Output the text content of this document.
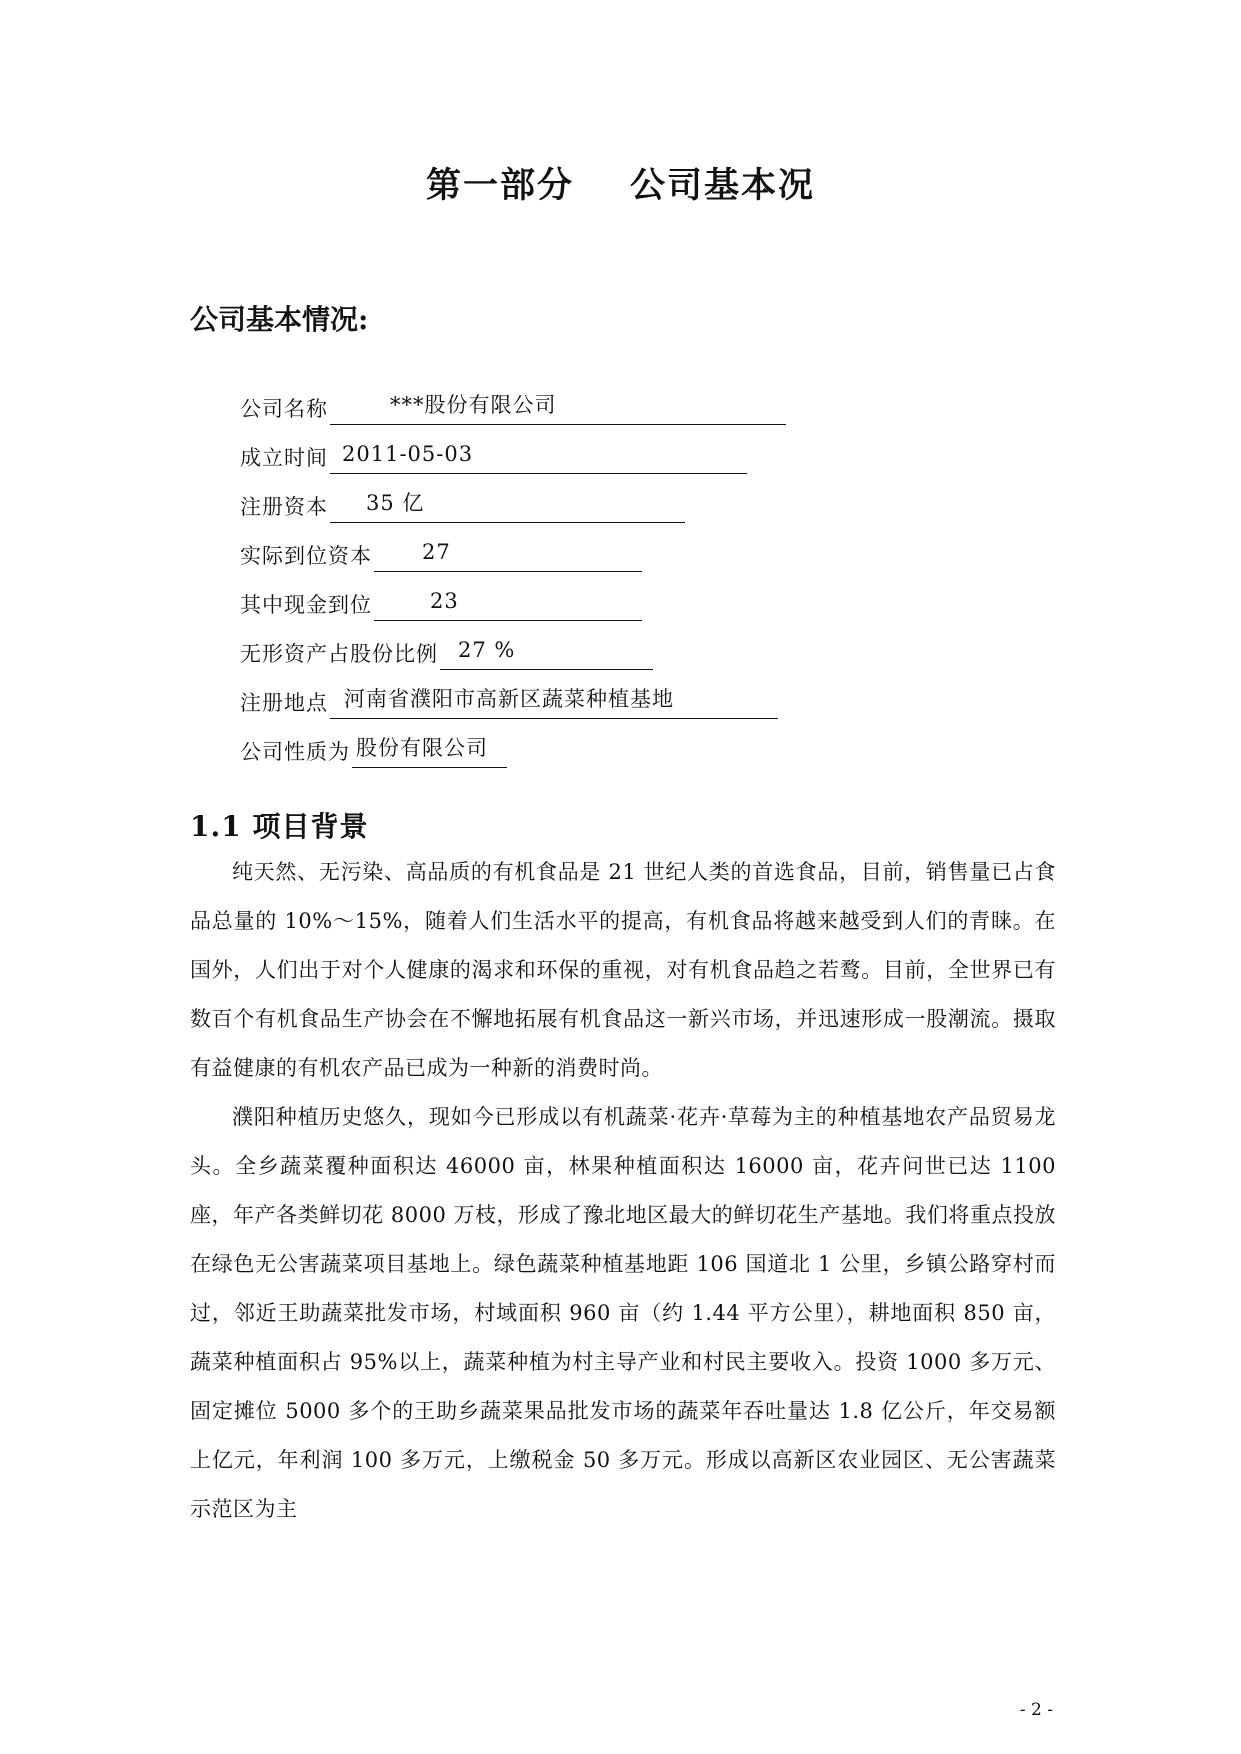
第一部分 公司基本况
公司基本情况:
公司名称	***股份有限公司
成立时间 2011-05-03
注册资本 35 亿
实际到位资本 27
其中现金到位	23
无形资产占股份比例 27 %
注册地点 河南省濮阳市高新区蔬菜种植基地
公司性质为 股份有限公司
1.1 项目背景

纯天然、无污染、高品质的有机食品是 21 世纪人类的首选食品，目前，销售量已占食品总量的 10%～15%，随着人们生活水平的提高，有机食品将越来越受到人们的青睐。在国外，人们出于对个人健康的渴求和环保的重视，对有机食品趋之若鹜。目前，全世界已有数百个有机食品生产协会在不懈地拓展有机食品这一新兴市场，并迅速形成一股潮流。摄取有益健康的有机农产品已成为一种新的消费时尚。

濮阳种植历史悠久，现如今已形成以有机蔬菜·花卉·草莓为主的种植基地农产品贸易龙头。全乡蔬菜覆种面积达 46000 亩，林果种植面积达 16000 亩，花卉问世已达 1100 座，年产各类鲜切花 8000 万枝，形成了豫北地区最大的鲜切花生产基地。我们将重点投放在绿色无公害蔬菜项目基地上。绿色蔬菜种植基地距 106 国道北 1 公里，乡镇公路穿村而过，邻近王助蔬菜批发市场，村域面积 960 亩（约 1.44 平方公里），耕地面积 850 亩，蔬菜种植面积占 95%以上，蔬菜种植为村主导产业和村民主要收入。投资 1000 多万元、固定摊位 5000 多个的王助乡蔬菜果品批发市场的蔬菜年吞吐量达 1.8 亿公斤，年交易额上亿元，年利润 100 多万元，上缴税金 50 多万元。形成以高新区农业园区、无公害蔬菜示范区为主

- 2 -
